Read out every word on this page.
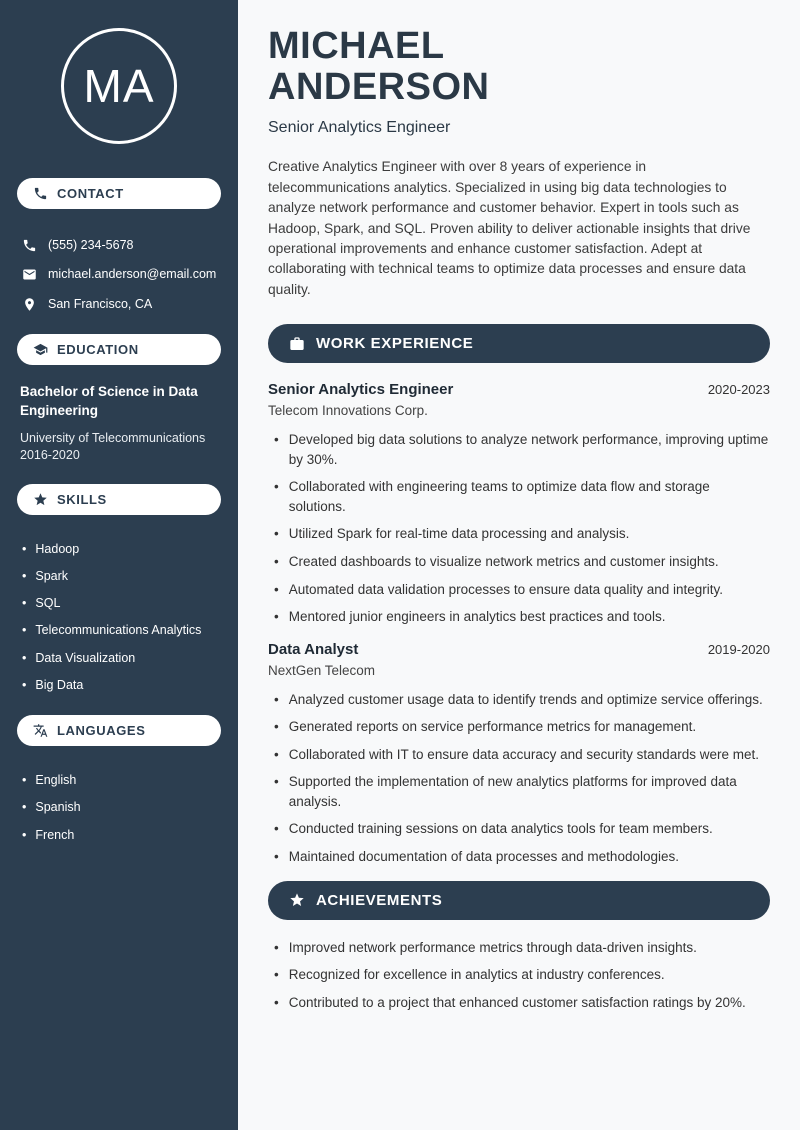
MA
CONTACT
(555) 234-5678
michael.anderson@email.com
San Francisco, CA
EDUCATION
Bachelor of Science in Data Engineering
University of Telecommunications
2016-2020
SKILLS
• Hadoop
• Spark
• SQL
• Telecommunications Analytics
• Data Visualization
• Big Data
LANGUAGES
• English
• Spanish
• French
MICHAEL
ANDERSON
Senior Analytics Engineer

Creative Analytics Engineer with over 8 years of experience in telecommunications analytics. Specialized in using big data technologies to analyze network performance and customer behavior. Expert in tools such as Hadoop, Spark, and SQL. Proven ability to deliver actionable insights that drive operational improvements and enhance customer satisfaction. Adept at collaborating with technical teams to optimize data processes and ensure data quality.

WORK EXPERIENCE
Senior Analytics Engineer	2020-2023
Telecom Innovations Corp.
• Developed big data solutions to analyze network performance, improving uptime by 30%.
• Collaborated with engineering teams to optimize data flow and storage solutions.
• Utilized Spark for real-time data processing and analysis.
• Created dashboards to visualize network metrics and customer insights.
• Automated data validation processes to ensure data quality and integrity.
• Mentored junior engineers in analytics best practices and tools.
Data Analyst	2019-2020
NextGen Telecom
• Analyzed customer usage data to identify trends and optimize service offerings.
• Generated reports on service performance metrics for management.
• Collaborated with IT to ensure data accuracy and security standards were met.
• Supported the implementation of new analytics platforms for improved data analysis.
• Conducted training sessions on data analytics tools for team members.
• Maintained documentation of data processes and methodologies.
ACHIEVEMENTS
• Improved network performance metrics through data-driven insights.
• Recognized for excellence in analytics at industry conferences.
• Contributed to a project that enhanced customer satisfaction ratings by 20%.
